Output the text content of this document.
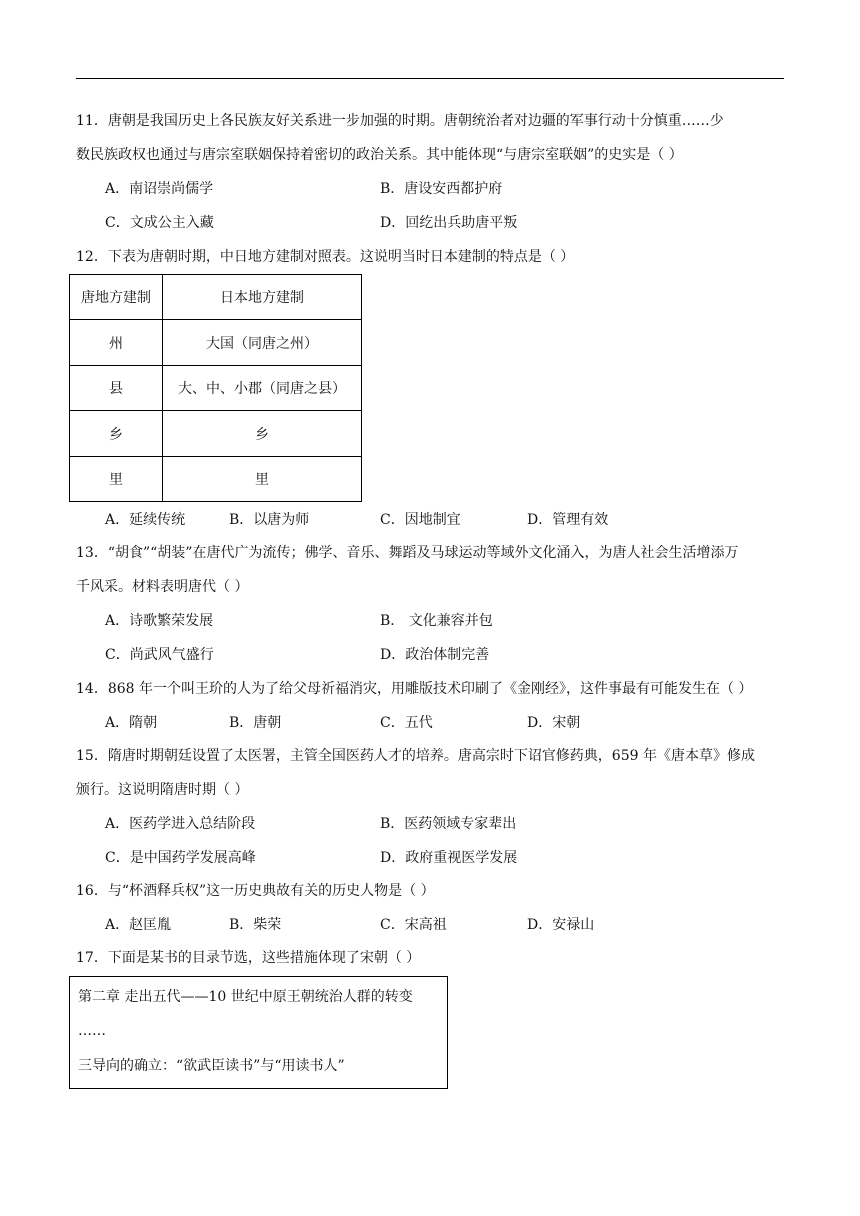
11．唐朝是我国历史上各民族友好关系进一步加强的时期。唐朝统治者对边疆的军事行动十分慎重……少
数民族政权也通过与唐宗室联姻保持着密切的政治关系。其中能体现“与唐宗室联姻”的史实是（ ）
A．南诏崇尚儒学	B．唐设安西都护府
C．文成公主入藏	D．回纥出兵助唐平叛
12．下表为唐朝时期，中日地方建制对照表。这说明当时日本建制的特点是（ ）
唐地方建制	日本地方建制
州	大国（同唐之州）
县	大、中、小郡（同唐之县）
乡	乡
里	里
A．延续传统	B．以唐为师	C．因地制宜	D．管理有效
13．“胡食”“胡装”在唐代广为流传；佛学、音乐、舞蹈及马球运动等域外文化涌入，为唐人社会生活增添万
千风采。材料表明唐代（ ）
A．诗歌繁荣发展	B． 文化兼容并包
C．尚武风气盛行	D．政治体制完善
14．868 年一个叫王玠的人为了给父母祈福消灾，用雕版技术印刷了《金刚经》，这件事最有可能发生在（ ）
A．隋朝	B．唐朝	C．五代	D．宋朝
15．隋唐时期朝廷设置了太医署，主管全国医药人才的培养。唐高宗时下诏官修药典，659 年《唐本草》修成
颁行。这说明隋唐时期（ ）
A．医药学进入总结阶段	B．医药领域专家辈出
C．是中国药学发展高峰	D．政府重视医学发展
16．与“杯酒释兵权”这一历史典故有关的历史人物是（ ）
A．赵匡胤	B．柴荣	C．宋高祖	D．安禄山
17．下面是某书的目录节选，这些措施体现了宋朝（ ）
第二章 走出五代——10 世纪中原王朝统治人群的转变
……
三导向的确立：“欲武臣读书”与“用读书人”
